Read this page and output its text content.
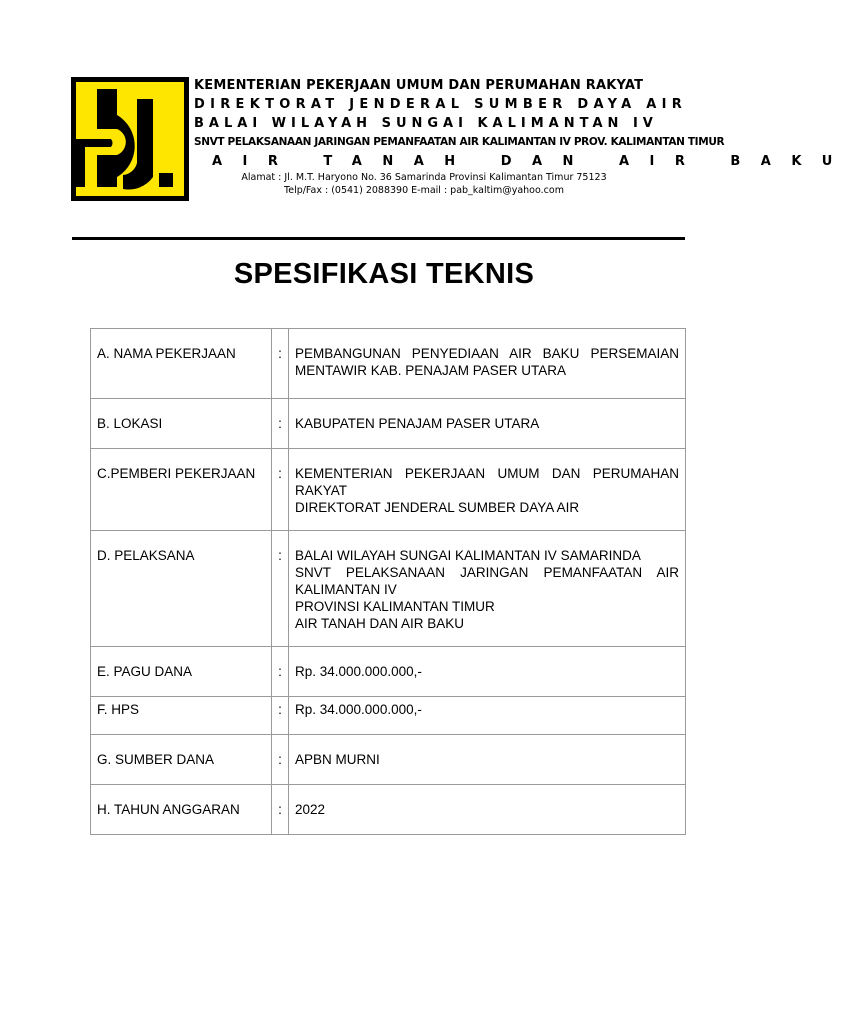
KEMENTERIAN PEKERJAAN UMUM DAN PERUMAHAN RAKYAT
DIREKTORAT JENDERAL SUMBER DAYA AIR
BALAI WILAYAH SUNGAI KALIMANTAN IV
SNVT PELAKSANAAN JARINGAN PEMANFAATAN AIR KALIMANTAN IV PROV. KALIMANTAN TIMUR
AIR TANAH DAN AIR BAKU
Alamat : Jl. M.T. Haryono No. 36 Samarinda Provinsi Kalimantan Timur 75123
Telp/Fax : (0541) 2088390 E-mail : pab_kaltim@yahoo.com
SPESIFIKASI TEKNIS
A. NAMA PEKERJAAN	:	PEMBANGUNAN PENYEDIAAN AIR BAKU PERSEMAIAN
MENTAWIR KAB. PENAJAM PASER UTARA

B. LOKASI	:	KABUPATEN PENAJAM PASER UTARA

C.PEMBERI PEKERJAAN	:	KEMENTERIAN PEKERJAAN UMUM DAN PERUMAHAN
RAKYAT
DIREKTORAT JENDERAL SUMBER DAYA AIR

D. PELAKSANA	:	BALAI WILAYAH SUNGAI KALIMANTAN IV SAMARINDA
SNVT PELAKSANAAN JARINGAN PEMANFAATAN AIR
KALIMANTAN IV
PROVINSI KALIMANTAN TIMUR
AIR TANAH DAN AIR BAKU

E. PAGU DANA	:	Rp. 34.000.000.000,-

F. HPS	:	Rp. 34.000.000.000,-

G. SUMBER DANA	:	APBN MURNI

H. TAHUN ANGGARAN	:	2022
